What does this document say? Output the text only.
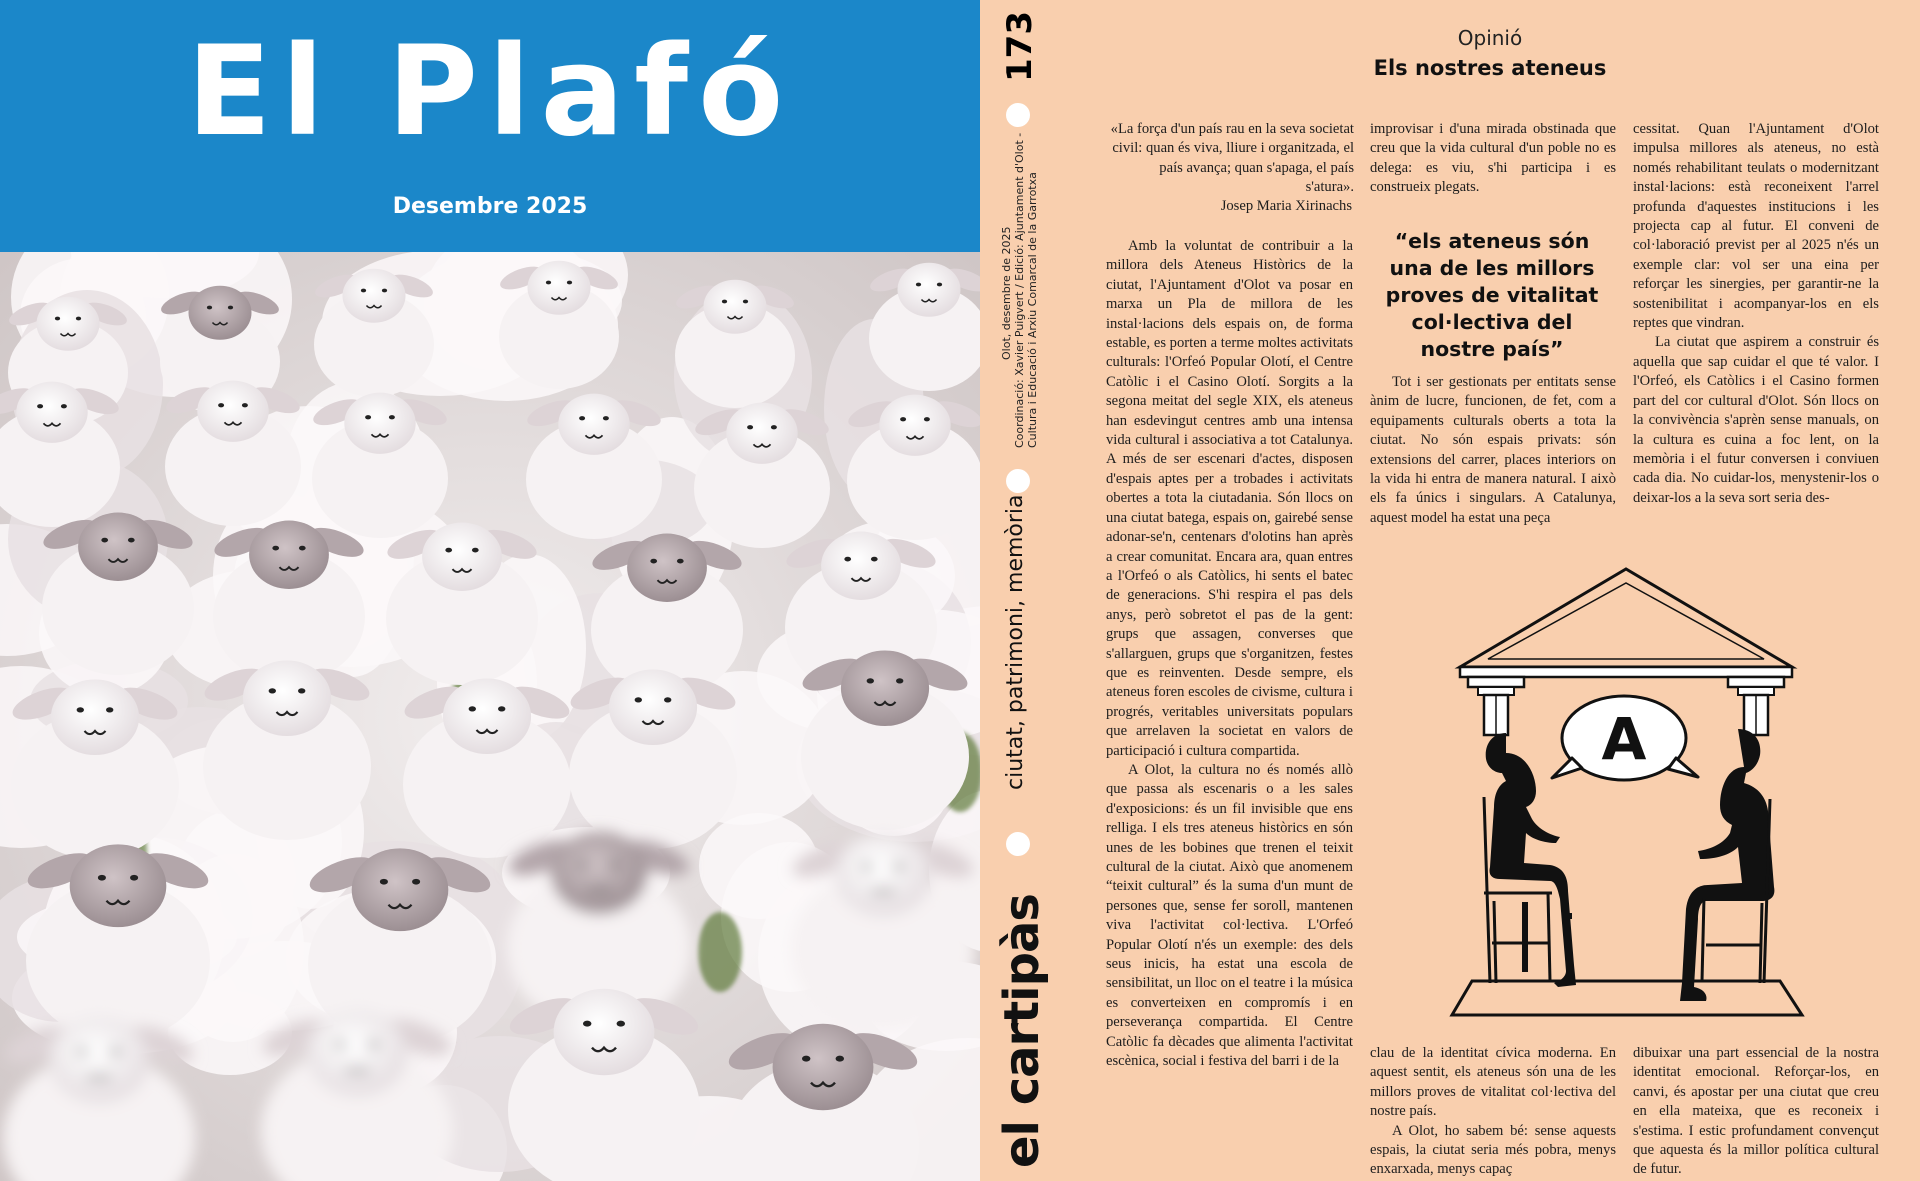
El Plafó
Desembre 2025
173
Olot, desembre de 2025 Coordinació: Xavier Puigvert / Edició: Ajuntament d'Olot - Cultura i Educació i Arxiu Comarcal de la Garrotxa
ciutat, patrimoni, memòria
el cartipàs
Opinió
Els nostres ateneus
«La força d'un país rau en la seva societat civil: quan és viva, lliure i organitzada, el país avança; quan s'apaga, el país s'atura».
Josep Maria Xirinachs

Amb la voluntat de contribuir a la millora dels Ateneus Històrics de la ciutat, l'Ajuntament d'Olot va posar en marxa un Pla de millora de les instal·lacions dels espais on, de forma estable, es porten a terme moltes activitats culturals: l'Orfeó Popular Olotí, el Centre Catòlic i el Casino Olotí. Sorgits a la segona meitat del segle XIX, els ateneus han esdevingut centres amb una intensa vida cultural i associativa a tot Catalunya. A més de ser escenari d'actes, disposen d'espais aptes per a trobades i activitats obertes a tota la ciutadania. Són llocs on una ciutat batega, espais on, gairebé sense adonar-se'n, centenars d'olotins han après a crear comunitat. Encara ara, quan entres a l'Orfeó o als Catòlics, hi sents el batec de generacions. S'hi respira el pas dels anys, però sobretot el pas de la gent: grups que assagen, converses que s'allarguen, grups que s'organitzen, festes que es reinventen. Desde sempre, els ateneus foren escoles de civisme, cultura i progrés, veritables universitats populars que arrelaven la societat en valors de participació i cultura compartida.

A Olot, la cultura no és només allò que passa als escenaris o a les sales d'exposicions: és un fil invisible que ens relliga. I els tres ateneus històrics en són unes de les bobines que trenen el teixit cultural de la ciutat. Això que anomenem “teixit cultural” és la suma d'un munt de persones que, sense fer soroll, mantenen viva l'activitat col·lectiva. L'Orfeó Popular Olotí n'és un exemple: des dels seus inicis, ha estat una escola de sensibilitat, un lloc on el teatre i la música es converteixen en compromís i en perseverança compartida. El Centre Catòlic fa dècades que alimenta l'activitat escènica, social i festiva del barri i de la

improvisar i d'una mirada obstinada que creu que la vida cultural d'un poble no es delega: es viu, s'hi participa i es construeix plegats.

“els ateneus són una de les millors proves de vitalitat col·lectiva del nostre país”

Tot i ser gestionats per entitats sense ànim de lucre, funcionen, de fet, com a equipaments culturals oberts a tota la ciutat. No són espais privats: són extensions del carrer, places interiors on la vida hi entra de manera natural. I això els fa únics i singulars. A Catalunya, aquest model ha estat una peça

clau de la identitat cívica moderna. En aquest sentit, els ateneus són una de les millors proves de vitalitat col·lectiva del nostre país.

A Olot, ho sabem bé: sense aquests espais, la ciutat seria més pobra, menys enxarxada, menys capaç

cessitat. Quan l'Ajuntament d'Olot impulsa millores als ateneus, no està només rehabilitant teulats o modernitzant instal·lacions: està reconeixent l'arrel profunda d'aquestes institucions i les projecta cap al futur. El conveni de col·laboració previst per al 2025 n'és un exemple clar: vol ser una eina per reforçar les sinergies, per garantir-ne la sostenibilitat i acompanyar-los en els reptes que vindran.

La ciutat que aspirem a construir és aquella que sap cuidar el que té valor. I l'Orfeó, els Catòlics i el Casino formen part del cor cultural d'Olot. Són llocs on la convivència s'aprèn sense manuals, on la cultura es cuina a foc lent, on la memòria i el futur conversen i conviuen cada dia. No cuidar-los, menystenir-los o deixar-los a la seva sort seria des-

dibuixar una part essencial de la nostra identitat emocional. Reforçar-los, en canvi, és apostar per una ciutat que creu en ella mateixa, que es reconeix i s'estima. I estic profundament convençut que aquesta és la millor política cultural de futur.

A
